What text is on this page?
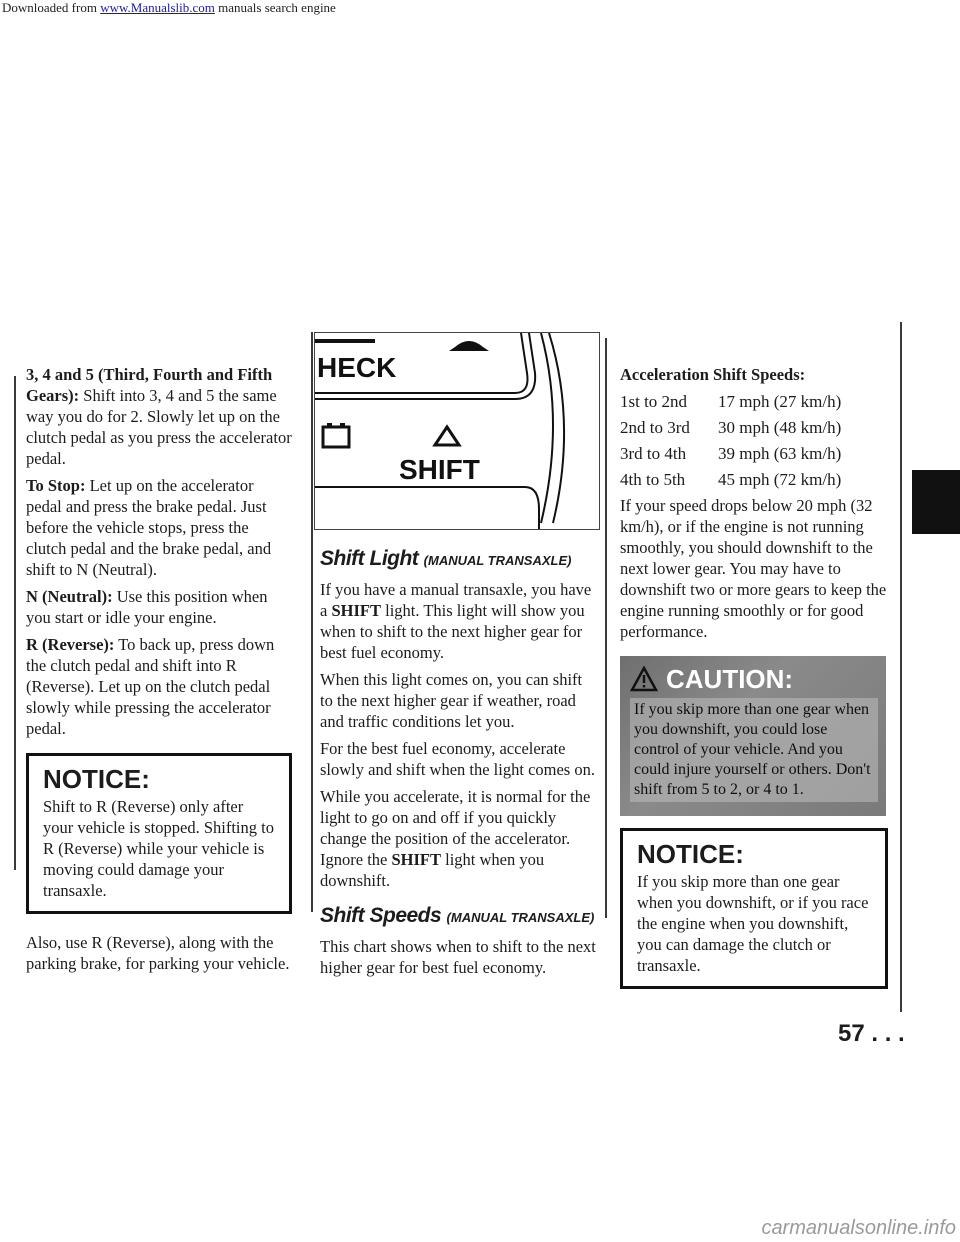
Downloaded from www.Manualslib.com manuals search engine

3, 4 and 5 (Third, Fourth and Fifth Gears): Shift into 3, 4 and 5 the same way you do for 2. Slowly let up on the clutch pedal as you press the accelerator pedal.

To Stop: Let up on the accelerator pedal and press the brake pedal. Just before the vehicle stops, press the clutch pedal and the brake pedal, and shift to N (Neutral).

N (Neutral): Use this position when you start or idle your engine.

R (Reverse): To back up, press down the clutch pedal and shift into R (Reverse). Let up on the clutch pedal slowly while pressing the accelerator pedal.

NOTICE:
Shift to R (Reverse) only after your vehicle is stopped. Shifting to R (Reverse) while your vehicle is moving could damage your transaxle.

Also, use R (Reverse), along with the parking brake, for parking your vehicle.

HECK
SHIFT
Shift Light (MANUAL TRANSAXLE)

If you have a manual transaxle, you have a SHIFT light. This light will show you when to shift to the next higher gear for best fuel economy.

When this light comes on, you can shift to the next higher gear if weather, road and traffic conditions let you.

For the best fuel economy, accelerate slowly and shift when the light comes on.

While you accelerate, it is normal for the light to go on and off if you quickly change the position of the accelerator. Ignore the SHIFT light when you downshift.

Shift Speeds (MANUAL TRANSAXLE)

This chart shows when to shift to the next higher gear for best fuel economy.

Acceleration Shift Speeds:

1st to 2nd	17 mph (27 km/h)
2nd to 3rd	30 mph (48 km/h)
3rd to 4th	39 mph (63 km/h)
4th to 5th	45 mph (72 km/h)

If your speed drops below 20 mph (32 km/h), or if the engine is not running smoothly, you should downshift to the next lower gear. You may have to downshift two or more gears to keep the engine running smoothly or for good performance.

CAUTION:
If you skip more than one gear when you downshift, you could lose control of your vehicle. And you could injure yourself or others. Don't shift from 5 to 2, or 4 to 1.
NOTICE:
If you skip more than one gear when you downshift, or if you race the engine when you downshift, you can damage the clutch or transaxle.
57 . . .
carmanualsonline.info
